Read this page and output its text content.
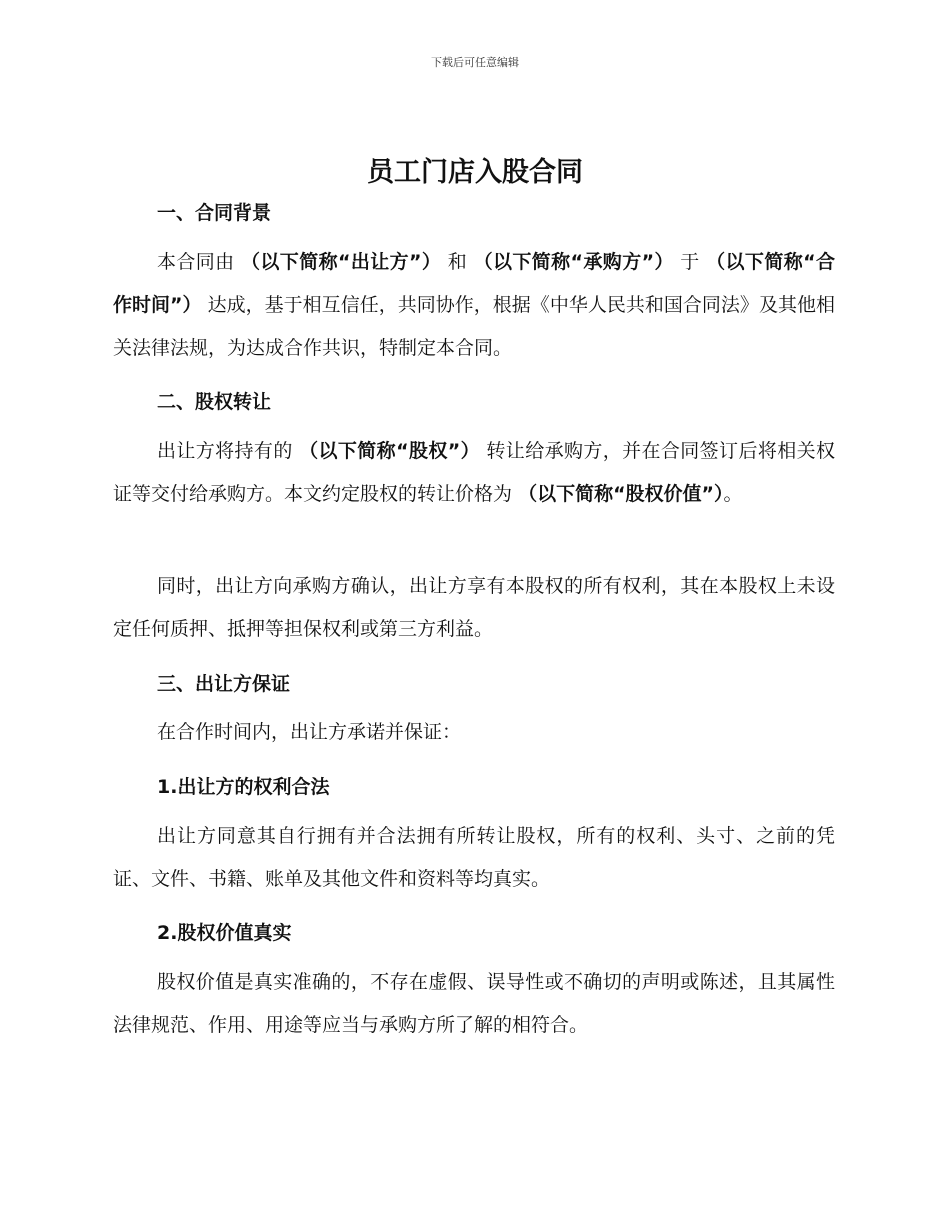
下载后可任意编辑
员工门店入股合同
一、合同背景

本合同由 （以下简称“出让方”） 和 （以下简称“承购方”） 于 （以下简称“合作时间”） 达成，基于相互信任，共同协作，根据《中华人民共和国合同法》及其他相关法律法规，为达成合作共识，特制定本合同。

二、股权转让

出让方将持有的 （以下简称“股权”） 转让给承购方，并在合同签订后将相关权证等交付给承购方。本文约定股权的转让价格为 （以下简称“股权价值”）。

同时，出让方向承购方确认，出让方享有本股权的所有权利，其在本股权上未设定任何质押、抵押等担保权利或第三方利益。

三、出让方保证

在合作时间内，出让方承诺并保证：

1.出让方的权利合法

出让方同意其自行拥有并合法拥有所转让股权，所有的权利、头寸、之前的凭证、文件、书籍、账单及其他文件和资料等均真实。

2.股权价值真实

股权价值是真实准确的，不存在虚假、误导性或不确切的声明或陈述，且其属性法律规范、作用、用途等应当与承购方所了解的相符合。
